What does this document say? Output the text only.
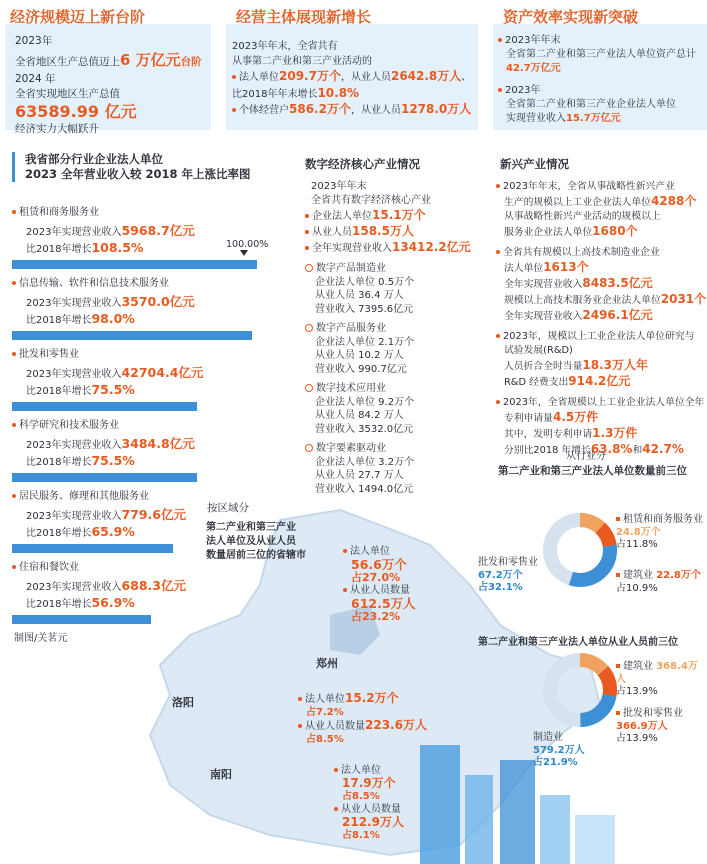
经济规模迈上新台阶
2023年
全省地区生产总值迈上6 万亿元台阶
2024 年
全省实现地区生产总值
63589.99 亿元
经济实力大幅跃升
经营主体展现新增长
2023年年末，全省共有
从事第二产业和第三产业活动的
法人单位209.7万个，从业人员2642.8万人、
比2018年年末增长10.8%
个体经营户586.2万个，从业人员1278.0万人
资产效率实现新突破
2023年年末
全省第二产业和第三产业法人单位资产总计
42.7万亿元
2023年
全省第二产业和第三产业企业法人单位
实现营业收入15.7万亿元
我省部分行业企业法人单位
2023 全年营业收入较 2018 年上涨比率图
100.00%
租赁和商务服务业
2023年实现营业收入5968.7亿元
比2018年增长108.5%
信息传输、软件和信息技术服务业
2023年实现营业收入3570.0亿元
比2018年增长98.0%
批发和零售业
2023年实现营业收入42704.4亿元
比2018年增长75.5%
科学研究和技术服务业
2023年实现营业收入3484.8亿元
比2018年增长75.5%
居民服务、修理和其他服务业
2023年实现营业收入779.6亿元
比2018年增长65.9%
住宿和餐饮业
2023年实现营业收入688.3亿元
比2018年增长56.9%
制图/关茗元
数字经济核心产业情况
2023年年末
全省共有数字经济核心产业
企业法人单位15.1万个
从业人员158.5万人
全年实现营业收入13412.2亿元
数字产品制造业
企业法人单位 0.5万个
从业人员 36.4 万人
营业收入 7395.6亿元
数字产品服务业
企业法人单位 2.1万个
从业人员 10.2 万人
营业收入 990.7亿元
数字技术应用业
企业法人单位 9.2万个
从业人员 84.2 万人
营业收入 3532.0亿元
数字要素驱动业
企业法人单位 3.2万个
从业人员 27.7 万人
营业收入 1494.0亿元
新兴产业情况
2023年年末，全省从事战略性新兴产业
生产的规模以上工业企业法人单位4288个
从事战略性新兴产业活动的规模以上
服务业企业法人单位1680个
全省共有规模以上高技术制造业企业
法人单位1613个
全年实现营业收入8483.5亿元
规模以上高技术服务业企业法人单位2031个
全年实现营业收入2496.1亿元
2023年，规模以上工业企业法人单位研究与
试验发展(R&D)
人员折合全时当量18.3万人年
R&D 经费支出914.2亿元
2023年，全省规模以上工业企业法人单位全年
专利申请量4.5万件
其中，发明专利申请1.3万件
分别比2018 年增长63.8%和42.7%
按区域分
第二产业和第三产业
法人单位及从业人员
数量居前三位的省辖市	法人单位
56.6万个
占27.0%
从业人员数量
612.5万人
占23.2%
郑州
洛阳	法人单位15.2万个
占7.2%
从业人员数量223.6万人
占8.5%
南阳	法人单位
17.9万个
占8.5%
从业人员数量
212.9万人
占8.1%
从行业分
第二产业和第三产业法人单位数量前三位
租赁和商务服务业
24.8万个
占11.8%
建筑业 22.8万个
占10.9%
批发和零售业
67.2万个
占32.1%
第二产业和第三产业法人单位从业人员前三位
建筑业 368.4万人
占13.9%
批发和零售业
366.9万人
占13.9%
制造业
579.2万人
占21.9%
